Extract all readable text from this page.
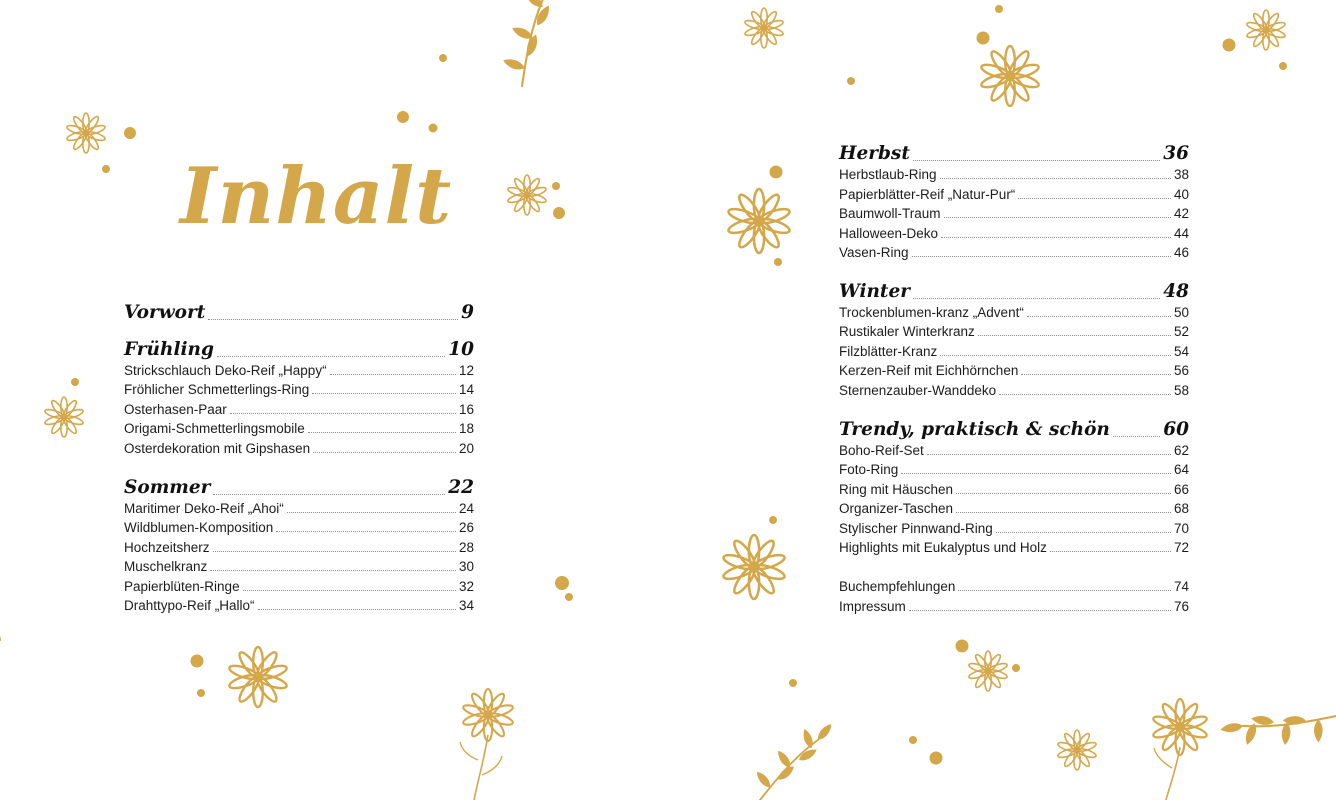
Inhalt
Vorwort	9
Frühling	10
Strickschlauch Deko-Reif „Happy“	12
Fröhlicher Schmetterlings-Ring	14
Osterhasen-Paar	16
Origami-Schmetterlingsmobile	18
Osterdekoration mit Gipshasen	20
Sommer	22
Maritimer Deko-Reif „Ahoi“	24
Wildblumen-Komposition	26
Hochzeitsherz	28
Muschelkranz	30
Papierblüten-Ringe	32
Drahttypo-Reif „Hallo“	34
Herbst	36
Herbstlaub-Ring	38
Papierblätter-Reif „Natur-Pur“	40
Baumwoll-Traum	42
Halloween-Deko	44
Vasen-Ring	46
Winter	48
Trockenblumen-kranz „Advent“	50
Rustikaler Winterkranz	52
Filzblätter-Kranz	54
Kerzen-Reif mit Eichhörnchen	56
Sternenzauber-Wanddeko	58
Trendy, praktisch & schön	60
Boho-Reif-Set	62
Foto-Ring	64
Ring mit Häuschen	66
Organizer-Taschen	68
Stylischer Pinnwand-Ring	70
Highlights mit Eukalyptus und Holz	72
Buchempfehlungen	74
Impressum	76
